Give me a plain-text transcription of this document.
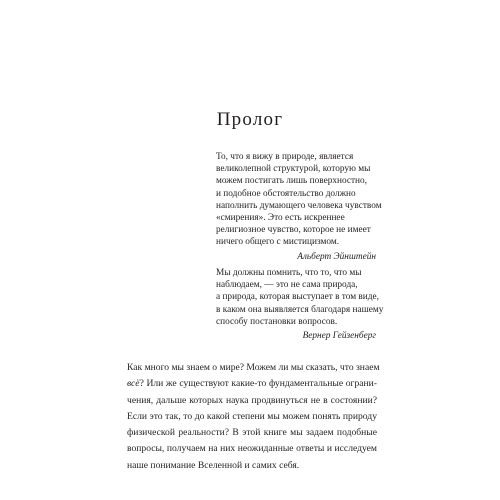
Пролог
То, что я вижу в природе, является
великолепной структурой, которую мы
можем постигать лишь поверхностно,
и подобное обстоятельство должно
наполнить думающего человека чувством
«смирения». Это есть искреннее
религиозное чувство, которое не имеет
ничего общего с мистицизмом.
Альберт Эйнштейн
Мы должны помнить, что то, что мы
наблюдаем, — это не сама природа,
а природа, которая выступает в том виде,
в каком она выявляется благодаря нашему
способу постановки вопросов.
Вернер Гейзенберг
Как много мы знаем о мире? Можем ли мы сказать, что знаем
всё? Или же существуют какие-то фундаментальные ограни-
чения, дальше которых наука продвинуться не в состоянии?
Если это так, то до какой степени мы можем понять природу
физической реальности? В этой книге мы задаем подобные
вопросы, получаем на них неожиданные ответы и исследуем
наше понимание Вселенной и самих себя.
